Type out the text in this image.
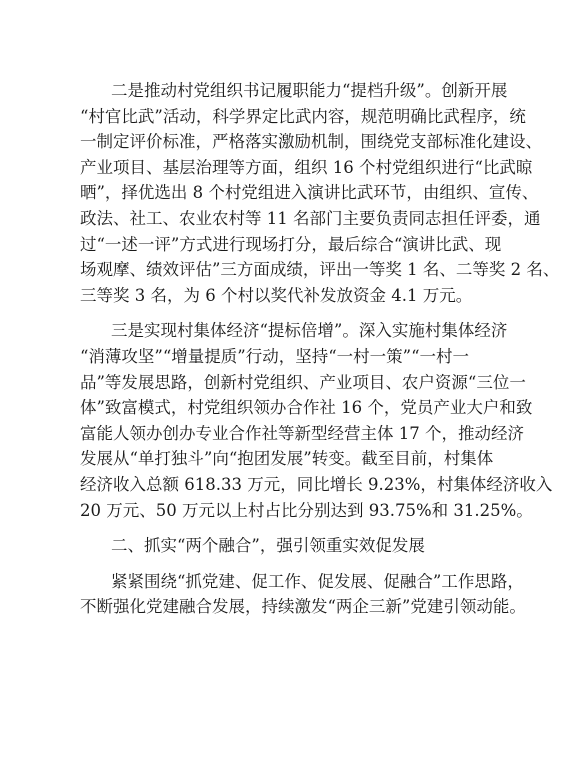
二是推动村党组织书记履职能力“提档升级”。创新开展
“村官比武”活动，科学界定比武内容，规范明确比武程序，统
一制定评价标准，严格落实激励机制，围绕党支部标准化建设、
产业项目、基层治理等方面，组织 16 个村党组织进行“比武晾
晒”，择优选出 8 个村党组进入演讲比武环节，由组织、宣传、
政法、社工、农业农村等 11 名部门主要负责同志担任评委，通
过“一述一评”方式进行现场打分，最后综合“演讲比武、现
场观摩、绩效评估”三方面成绩，评出一等奖 1 名、二等奖 2 名、
三等奖 3 名，为 6 个村以奖代补发放资金 4.1 万元。
三是实现村集体经济“提标倍增”。深入实施村集体经济
“消薄攻坚”“增量提质”行动，坚持“一村一策”“一村一
品”等发展思路，创新村党组织、产业项目、农户资源“三位一
体”致富模式，村党组织领办合作社 16 个，党员产业大户和致
富能人领办创办专业合作社等新型经营主体 17 个，推动经济
发展从“单打独斗”向“抱团发展”转变。截至目前，村集体
经济收入总额 618.33 万元，同比增长 9.23%，村集体经济收入
20 万元、50 万元以上村占比分别达到 93.75%和 31.25%。
二、抓实“两个融合”，强引领重实效促发展
紧紧围绕“抓党建、促工作、促发展、促融合”工作思路，
不断强化党建融合发展，持续激发“两企三新”党建引领动能。
